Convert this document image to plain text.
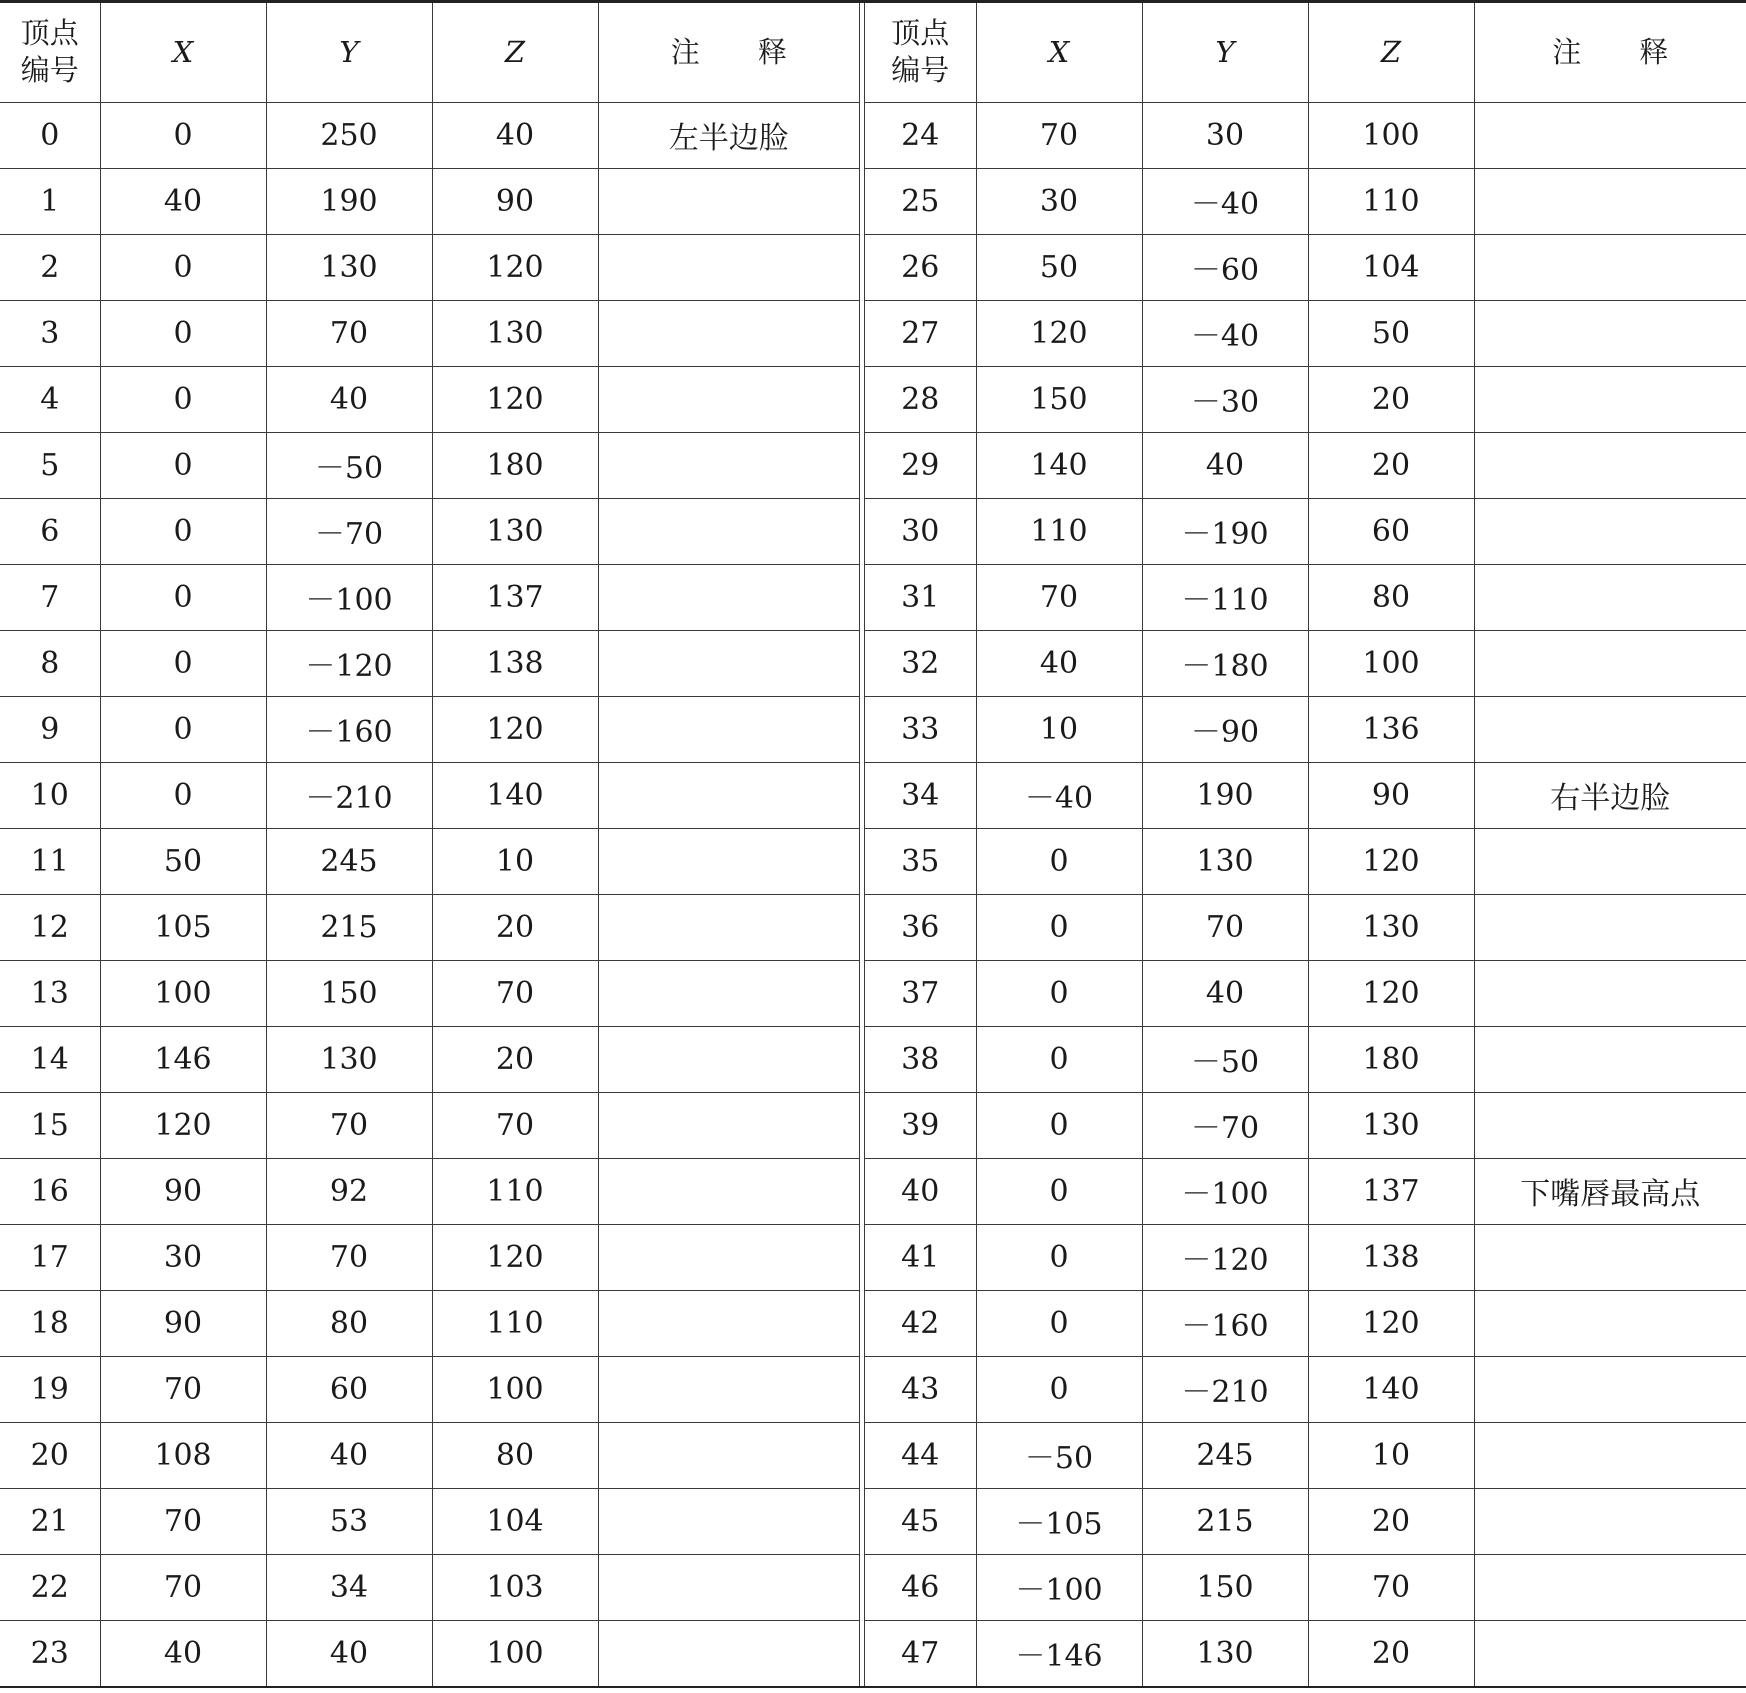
顶点
编号	X	Y	Z	注　　释
0	0	250	40	左半边脸
1	40	190	90	
2	0	130	120	
3	0	70	130	
4	0	40	120	
5	0	－50	180	
6	0	－70	130	
7	0	－100	137	
8	0	－120	138	
9	0	－160	120	
10	0	－210	140	
11	50	245	10	
12	105	215	20	
13	100	150	70	
14	146	130	20	
15	120	70	70	
16	90	92	110	
17	30	70	120	
18	90	80	110	
19	70	60	100	
20	108	40	80	
21	70	53	104	
22	70	34	103	
23	40	40	100	
顶点
编号	X	Y	Z	注　　释
24	70	30	100	
25	30	－40	110	
26	50	－60	104	
27	120	－40	50	
28	150	－30	20	
29	140	40	20	
30	110	－190	60	
31	70	－110	80	
32	40	－180	100	
33	10	－90	136	
34	－40	190	90	右半边脸
35	0	130	120	
36	0	70	130	
37	0	40	120	
38	0	－50	180	
39	0	－70	130	
40	0	－100	137	下嘴唇最高点
41	0	－120	138	
42	0	－160	120	
43	0	－210	140	
44	－50	245	10	
45	－105	215	20	
46	－100	150	70	
47	－146	130	20	
